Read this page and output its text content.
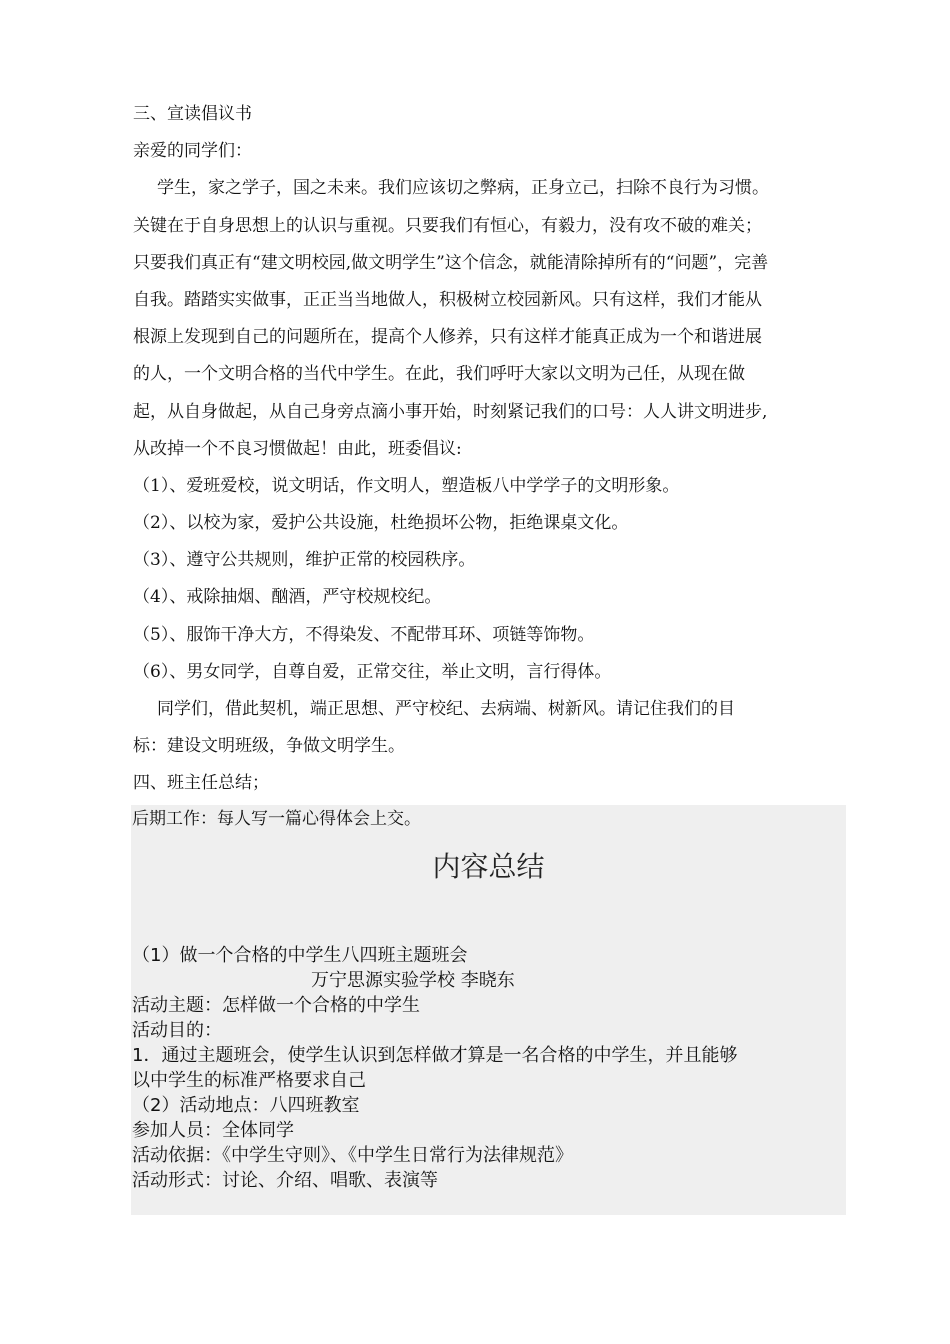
三、宣读倡议书
亲爱的同学们：
学生，家之学子，国之未来。我们应该切之弊病，正身立己，扫除不良行为习惯。
关键在于自身思想上的认识与重视。只要我们有恒心，有毅力，没有攻不破的难关；
只要我们真正有“建文明校园,做文明学生”这个信念，就能清除掉所有的“问题”，完善
自我。踏踏实实做事，正正当当地做人，积极树立校园新风。只有这样，我们才能从
根源上发现到自己的问题所在，提高个人修养，只有这样才能真正成为一个和谐进展
的人，一个文明合格的当代中学生。在此，我们呼吁大家以文明为己任，从现在做
起，从自身做起，从自己身旁点滴小事开始，时刻紧记我们的口号：人人讲文明进步,
从改掉一个不良习惯做起！由此，班委倡议:
（1）、爱班爱校，说文明话，作文明人，塑造板八中学学子的文明形象。
（2）、以校为家，爱护公共设施，杜绝损坏公物，拒绝课桌文化。
（3）、遵守公共规则，维护正常的校园秩序。
（4）、戒除抽烟、酗酒，严守校规校纪。
（5）、服饰干净大方，不得染发、不配带耳环、项链等饰物。
（6）、男女同学，自尊自爱，正常交往，举止文明，言行得体。
同学们，借此契机，端正思想、严守校纪、去病端、树新风。请记住我们的目
标：建设文明班级，争做文明学生。
四、班主任总结；
后期工作：每人写一篇心得体会上交。
内容总结
（1）做一个合格的中学生八四班主题班会
万宁思源实验学校 李晓东
活动主题：怎样做一个合格的中学生
活动目的：
1．通过主题班会，使学生认识到怎样做才算是一名合格的中学生，并且能够
以中学生的标准严格要求自己
（2）活动地点：八四班教室
参加人员：全体同学
活动依据：《中学生守则》、《中学生日常行为法律规范》
活动形式：讨论、介绍、唱歌、表演等
